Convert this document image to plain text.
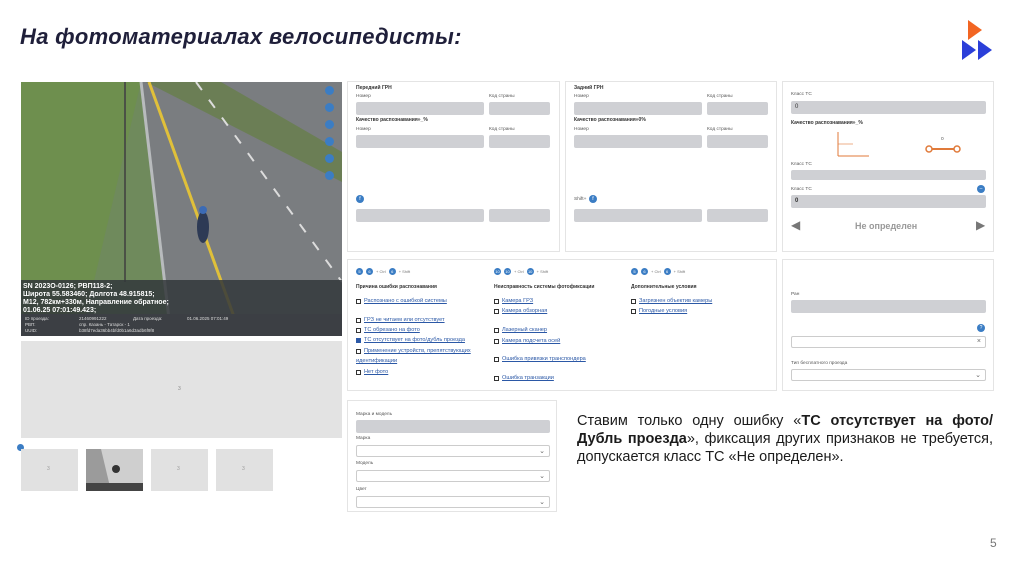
На фотоматериалах велосипедисты:
SN 2023O-0126; РВП118-2;
Широта 55.583460; Долгота 48.915815;
М12, 782км+330м, Направление обратное;
01.06.25 07:01:49.423;
ID проезда:	21460991222	Дата проезда:	01.06.2025 07:01:49
РВП:	спр. Казань - Татарск - 1
UUID:	b38fd7eda36bb4bfd0b1a6d3adb6f9f8
3
3	3	3
Передний ГРН
Номер	Код страны
Качество распознавания»_%
Номер	Код страны
f
Задний ГРН
Номер	Код страны
Качество распознавания»0%
Номер	Код страны
Shift+	f
Класс ТС
0
Качество распознавания»_%
0
Класс ТС
Класс ТС	–
0
◀	Не определен	▶
5	6	+ Ctrl	6	+ Shift	10	10	+ Ctrl	10	+ Shift	5	6	+ Ctrl	6	+ Shift
Причина ошибки распознавания	Неисправность системы фотофиксации	Дополнительные условия
Распознано с ошибкой системы
ГРЗ не читаем или отсутствует
ТС обрезано на фото
ТС отсутствует на фото/дубль проезда
Применение устройств, препятствующих
идентификации
Нет фото
Камера ГРЗ
Камера обзорная
Лазерный сканер
Камера подсчета осей
Ошибка привязки транспондера
Ошибка транзакции
Загрязнен объектив камеры
Погодные условия
Ран
?
×
Тип бесплатного проезда
⌄
Марка и модель
Марка
⌄
Модель
⌄
Цвет
⌄
Ставим только одну ошибку «ТС отсутствует на фото/Дубль проезда», фиксация других признаков не требуется, допускается класс ТС «Не определен».
5
